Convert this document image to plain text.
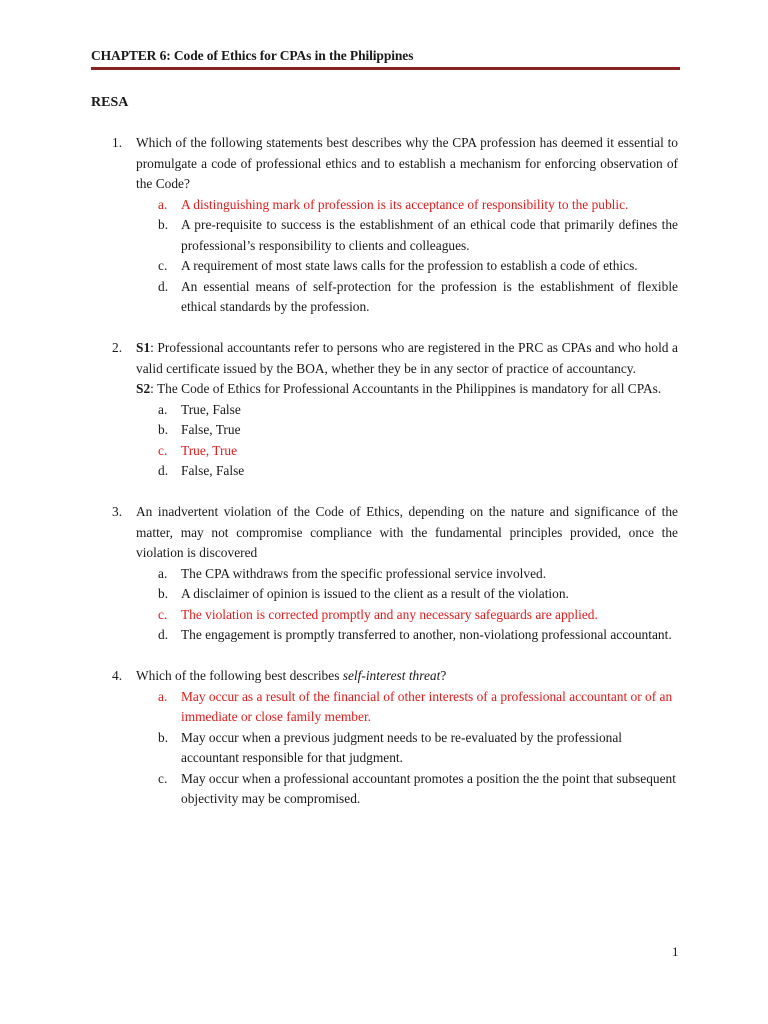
CHAPTER 6: Code of Ethics for CPAs in the Philippines
RESA
1. Which of the following statements best describes why the CPA profession has deemed it essential to promulgate a code of professional ethics and to establish a mechanism for enforcing observation of the Code?
a. A distinguishing mark of profession is its acceptance of responsibility to the public.
b. A pre-requisite to success is the establishment of an ethical code that primarily defines the professional’s responsibility to clients and colleagues.
c. A requirement of most state laws calls for the profession to establish a code of ethics.
d. An essential means of self-protection for the profession is the establishment of flexible ethical standards by the profession.
2. S1: Professional accountants refer to persons who are registered in the PRC as CPAs and who hold a valid certificate issued by the BOA, whether they be in any sector of practice of accountancy.
S2: The Code of Ethics for Professional Accountants in the Philippines is mandatory for all CPAs.
a. True, False
b. False, True
c. True, True
d. False, False
3. An inadvertent violation of the Code of Ethics, depending on the nature and significance of the matter, may not compromise compliance with the fundamental principles provided, once the violation is discovered
a. The CPA withdraws from the specific professional service involved.
b. A disclaimer of opinion is issued to the client as a result of the violation.
c. The violation is corrected promptly and any necessary safeguards are applied.
d. The engagement is promptly transferred to another, non-violationg professional accountant.
4. Which of the following best describes self-interest threat?
a. May occur as a result of the financial of other interests of a professional accountant or of an immediate or close family member.
b. May occur when a previous judgment needs to be re-evaluated by the professional accountant responsible for that judgment.
c. May occur when a professional accountant promotes a position the the point that subsequent objectivity may be compromised.
1
